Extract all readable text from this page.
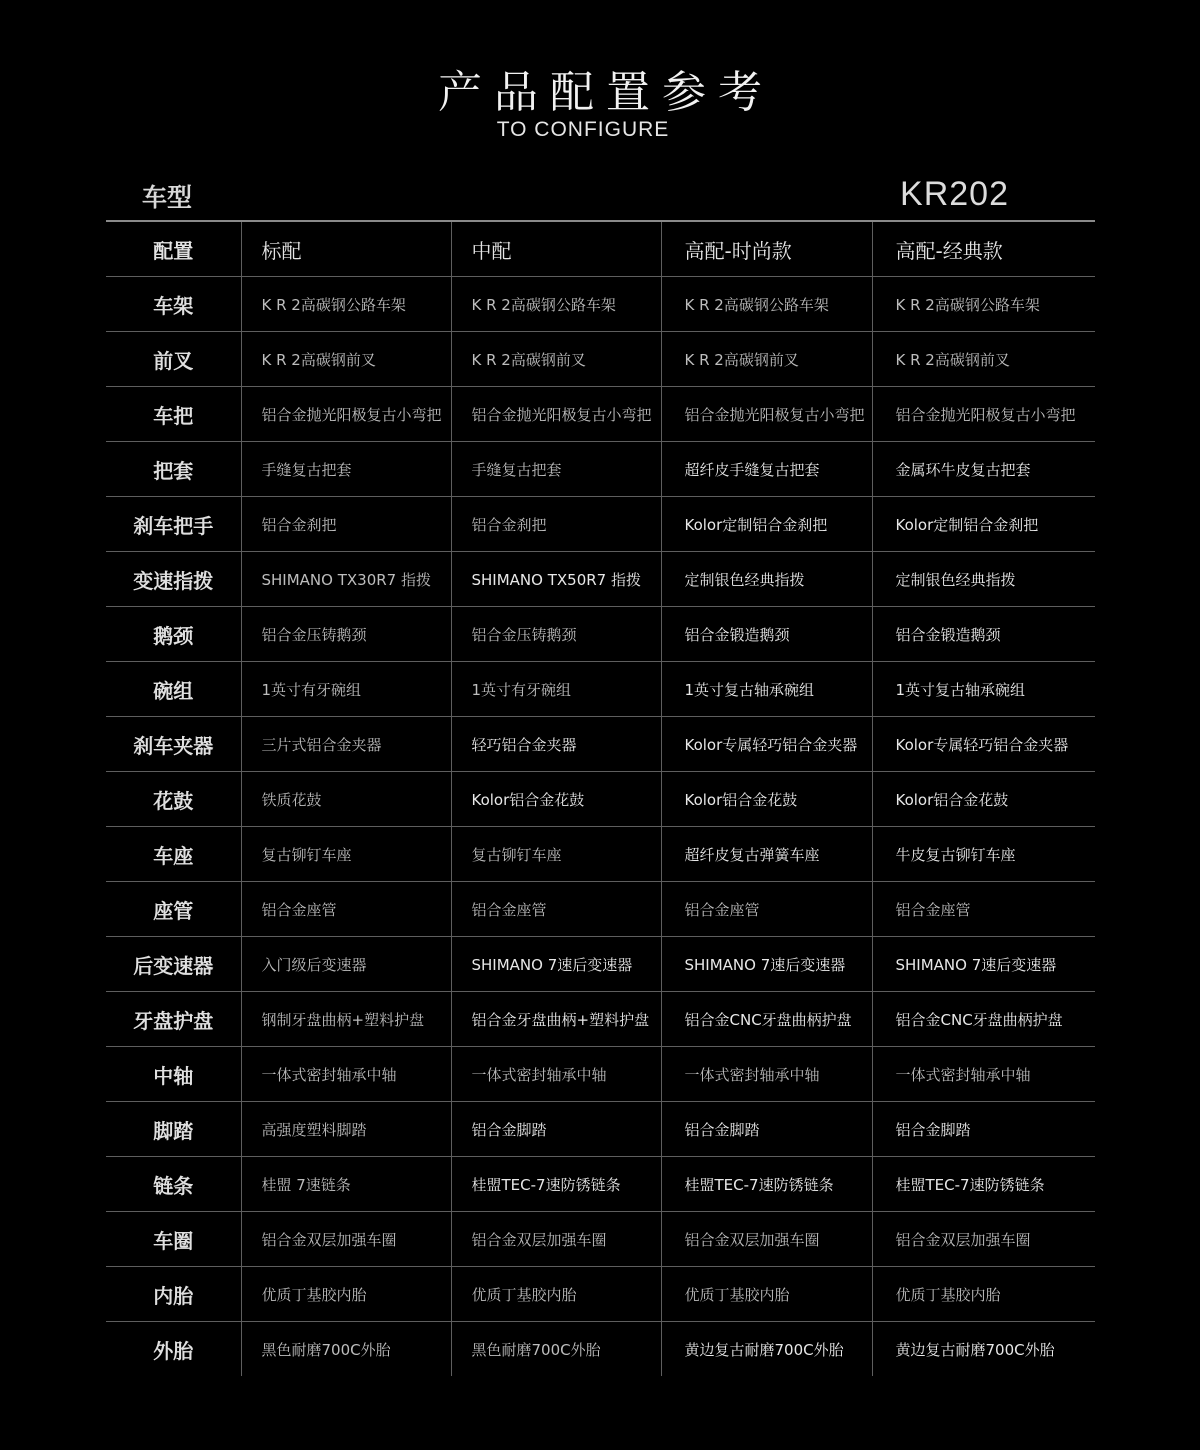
产品配置参考
TO CONFIGURE
车型	KR202
配置	标配	中配	高配-时尚款	高配-经典款
车架	K R 2高碳钢公路车架	K R 2高碳钢公路车架	K R 2高碳钢公路车架	K R 2高碳钢公路车架
前叉	K R 2高碳钢前叉	K R 2高碳钢前叉	K R 2高碳钢前叉	K R 2高碳钢前叉
车把	铝合金抛光阳极复古小弯把	铝合金抛光阳极复古小弯把	铝合金抛光阳极复古小弯把	铝合金抛光阳极复古小弯把
把套	手缝复古把套	手缝复古把套	超纤皮手缝复古把套	金属环牛皮复古把套
刹车把手	铝合金刹把	铝合金刹把	Kolor定制铝合金刹把	Kolor定制铝合金刹把
变速指拨	SHIMANO TX30R7 指拨	SHIMANO TX50R7 指拨	定制银色经典指拨	定制银色经典指拨
鹅颈	铝合金压铸鹅颈	铝合金压铸鹅颈	铝合金锻造鹅颈	铝合金锻造鹅颈
碗组	1英寸有牙碗组	1英寸有牙碗组	1英寸复古轴承碗组	1英寸复古轴承碗组
刹车夹器	三片式铝合金夹器	轻巧铝合金夹器	Kolor专属轻巧铝合金夹器	Kolor专属轻巧铝合金夹器
花鼓	铁质花鼓	Kolor铝合金花鼓	Kolor铝合金花鼓	Kolor铝合金花鼓
车座	复古铆钉车座	复古铆钉车座	超纤皮复古弹簧车座	牛皮复古铆钉车座
座管	铝合金座管	铝合金座管	铝合金座管	铝合金座管
后变速器	入门级后变速器	SHIMANO 7速后变速器	SHIMANO 7速后变速器	SHIMANO 7速后变速器
牙盘护盘	钢制牙盘曲柄+塑料护盘	铝合金牙盘曲柄+塑料护盘	铝合金CNC牙盘曲柄护盘	铝合金CNC牙盘曲柄护盘
中轴	一体式密封轴承中轴	一体式密封轴承中轴	一体式密封轴承中轴	一体式密封轴承中轴
脚踏	高强度塑料脚踏	铝合金脚踏	铝合金脚踏	铝合金脚踏
链条	桂盟 7速链条	桂盟TEC-7速防锈链条	桂盟TEC-7速防锈链条	桂盟TEC-7速防锈链条
车圈	铝合金双层加强车圈	铝合金双层加强车圈	铝合金双层加强车圈	铝合金双层加强车圈
内胎	优质丁基胶内胎	优质丁基胶内胎	优质丁基胶内胎	优质丁基胶内胎
外胎	黑色耐磨700C外胎	黑色耐磨700C外胎	黄边复古耐磨700C外胎	黄边复古耐磨700C外胎
